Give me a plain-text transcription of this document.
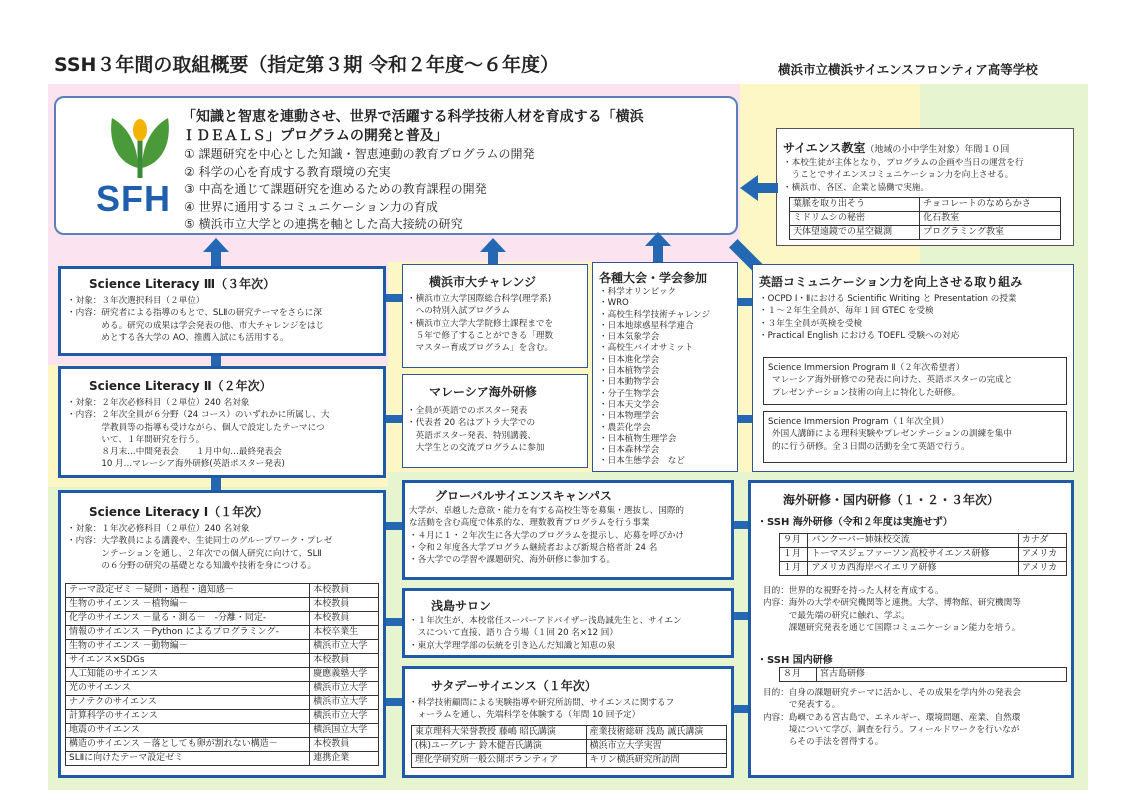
SSH３年間の取組概要（指定第３期 令和２年度～６年度）	横浜市立横浜サイエンスフロンティア高等学校
SFH
「知識と智恵を連動させ、世界で活躍する科学技術人材を育成する「横浜
ＩＤＥＡＬＳ」プログラムの開発と普及」
① 課題研究を中心とした知識・智恵連動の教育プログラムの開発
② 科学の心を育成する教育環境の充実
③ 中高を通じて課題研究を進めるための教育課程の開発
④ 世界に通用するコミュニケーション力の育成
⑤ 横浜市立大学との連携を軸とした高大接続の研究
サイエンス教室（地域の小中学生対象）年間１０回
・本校生徒が主体となり、プログラムの企画や当日の運営を行
　うことでサイエンスコミュニケーション力を向上させる。
・横浜市、各区、企業と協働で実施。
葉脈を取り出そう	チョコレートのなめらかさ
ミドリムシの秘密	化石教室
天体望遠鏡での星空観測	プログラミング教室
Science Literacy Ⅲ（３年次）
・対象：３年次選択科目（２単位）
・内容：研究者による指導のもとで、SLⅡの研究テーマをさらに深
　　　　める。研究の成果は学会発表の他、市大チャレンジをはじ
　　　　めとする各大学の AO、推薦入試にも活用する。
Science Literacy Ⅱ（２年次）
・対象：２年次必修科目（２単位）240 名対象
・内容：２年次全員が６分野（24 コース）のいずれかに所属し、大
　　　　学教員等の指導も受けながら、個人で設定したテーマにつ
　　　　いて、１年間研究を行う。
　　　　８月末…中間発表会　　１月中旬…最終発表会
　　　　10 月…マレーシア海外研修(英語ポスター発表)
Science Literacy Ⅰ（１年次）
・対象：１年次必修科目（２単位）240 名対象
・内容：大学教員による講義や、生徒同士のグループワーク・プレゼ
　　　　ンテーションを通し、２年次での個人研究に向けて、SLⅡ
　　　　の６分野の研究の基礎となる知識や技術を身につける。
テーマ設定ゼミ －疑問・過程・適知感－	本校教員
生物のサイエンス －植物編－	本校教員
化学のサイエンス －量る・測る－　-分離・同定-	本校教員
情報のサイエンス －Python によるプログラミング-	本校卒業生
生物のサイエンス －動物編－	横浜市立大学
サイエンス×SDGs	本校教員
人工知能のサイエンス	慶應義塾大学
光のサイエンス	横浜市立大学
ナノテクのサイエンス	横浜市立大学
計算科学のサイエンス	横浜市立大学
地震のサイエンス	横浜国立大学
構造のサイエンス －落としても卵が割れない構造－	本校教員
SLⅡに向けたテーマ設定ゼミ	連携企業
横浜市大チャレンジ
・横浜市立大学国際総合科学(理学系)
　への特別入試プログラム
・横浜市立大学大学院修士課程までを
　５年で修了することができる「理数
　マスター育成プログラム」を含む。
マレーシア海外研修
・全員が英語でのポスター発表
・代表者 20 名はプトラ大学での
　英語ポスター発表、特別講義、
　大学生との交流プログラムに参加
各種大会・学会参加
・科学オリンピック
・WRO
・高校生科学技術チャレンジ
・日本地球惑星科学連合
・日本気象学会
・高校生バイオサミット
・日本進化学会
・日本植物学会
・日本動物学会
・分子生物学会
・日本天文学会
・日本物理学会
・農芸化学会
・日本植物生理学会
・日本森林学会
・日本生態学会　など
英語コミュニケーション力を向上させる取り組み
・OCPD Ⅰ・Ⅱにおける Scientific Writing と Presentation の授業
・１～２年生全員が、毎年１回 GTEC を受検
・３年生全員が英検を受検
・Practical English における TOEFL 受験への対応
Science Immersion Program Ⅱ（２年次希望者）
マレーシア海外研修での発表に向けた、英語ポスターの完成と
プレゼンテーション技術の向上に特化した研修。
Science Immersion Program（１年次全員）
外国人講師による理科実験やプレゼンテーションの訓練を集中
的に行う研修。全３日間の活動を全て英語で行う。
グローバルサイエンスキャンパス
大学が、卓越した意欲・能力を有する高校生等を募集・選抜し、国際的
な活動を含む高度で体系的な、理数教育プログラムを行う事業
・４月に１・２年次生に各大学のプログラムを提示し、応募を呼びかけ
・令和２年度各大学プログラム継続者および新規合格者計 24 名
・各大学での学習や課題研究、海外研修に参加する。
浅島サロン
・１年次生が、本校常任スーパーアドバイザー浅島誠先生と、サイエン
　スについて直接、語り合う場（１回 20 名×12 回）
・東京大学理学部の伝統を引き込んだ知識と知恵の泉
サタデーサイエンス（１年次）
・科学技術顧問による実験指導や研究所訪問、サイエンスに関するフ
　ォーラムを通し、先端科学を体験する（年間 10 回予定）
東京理科大栄誉教授 藤嶋 昭氏講演	産業技術総研 浅島 誠氏講演
(株)ユーグレナ 鈴木健吾氏講演	横浜市立大学実習
理化学研究所一般公開ボランティア	キリン横浜研究所訪問
海外研修・国内研修（１・２・３年次）
・SSH 海外研修（令和２年度は実施せず）
９月	バンクーバー姉妹校交流	カナダ
１月	トーマスジェファーソン高校サイエンス研修	アメリカ
１月	アメリカ西海岸ベイエリア研修	アメリカ
目的：世界的な視野を持った人材を育成する。
内容：海外の大学や研究機関等と連携。大学、博物館、研究機関等
　　　で最先端の研究に触れ、学ぶ。
　　　課題研究発表を通じて国際コミュニケーション能力を培う。
・SSH 国内研修
８月	宮古島研修
目的：自身の課題研究テーマに活かし、その成果を学内外の発表会
　　　で発表する。
内容：島嶼である宮古島で、エネルギー、環境問題、産業、自然環
　　　境について学び、調査を行う。フィールドワークを行いなが
　　　らその手法を習得する。
